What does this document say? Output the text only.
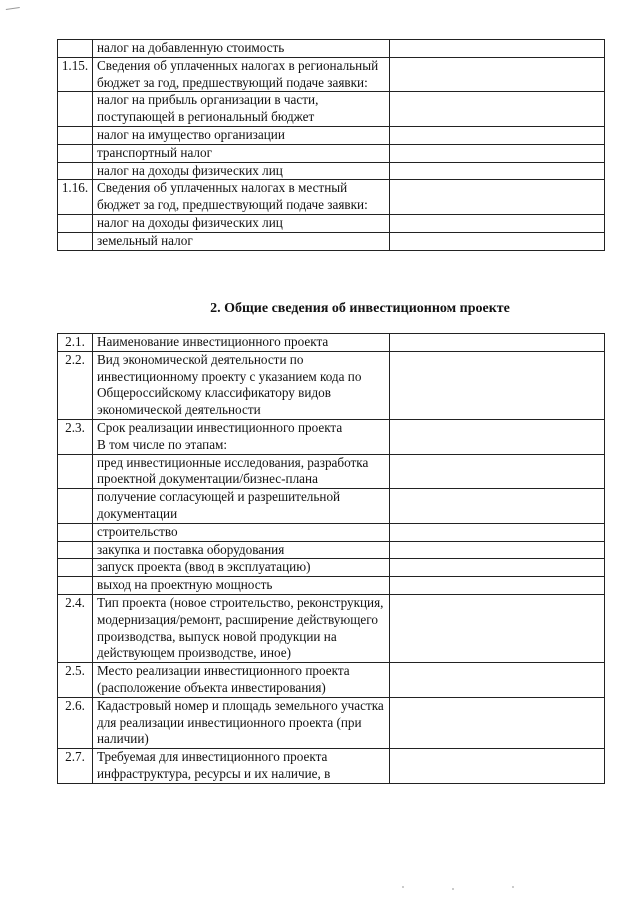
	налог на добавленную стоимость	
1.15.	Сведения об уплаченных налогах в региональный бюджет за год, предшествующий подаче заявки:	
	налог на прибыль организации в части, поступающей в региональный бюджет	
	налог на имущество организации	
	транспортный налог	
	налог на доходы физических лиц	
1.16.	Сведения об уплаченных налогах в местный бюджет за год, предшествующий подаче заявки:	
	налог на доходы физических лиц	
	земельный налог	
2. Общие сведения об инвестиционном проекте
2.1.	Наименование инвестиционного проекта	
2.2.	Вид экономической деятельности по инвестиционному проекту с указанием кода по Общероссийскому классификатору видов экономической деятельности	
2.3.	Срок реализации инвестиционного проекта
В том числе по этапам:	
	пред инвестиционные исследования, разработка проектной документации/бизнес-плана	
	получение согласующей и разрешительной документации	
	строительство	
	закупка и поставка оборудования	
	запуск проекта (ввод в эксплуатацию)	
	выход на проектную мощность	
2.4.	Тип проекта (новое строительство, реконструкция, модернизация/ремонт, расширение действующего производства, выпуск новой продукции на действующем производстве, иное)	
2.5.	Место реализации инвестиционного проекта (расположение объекта инвестирования)	
2.6.	Кадастровый номер и площадь земельного участка для реализации инвестиционного проекта (при наличии)	
2.7.	Требуемая для инвестиционного проекта инфраструктура, ресурсы и их наличие, в	
